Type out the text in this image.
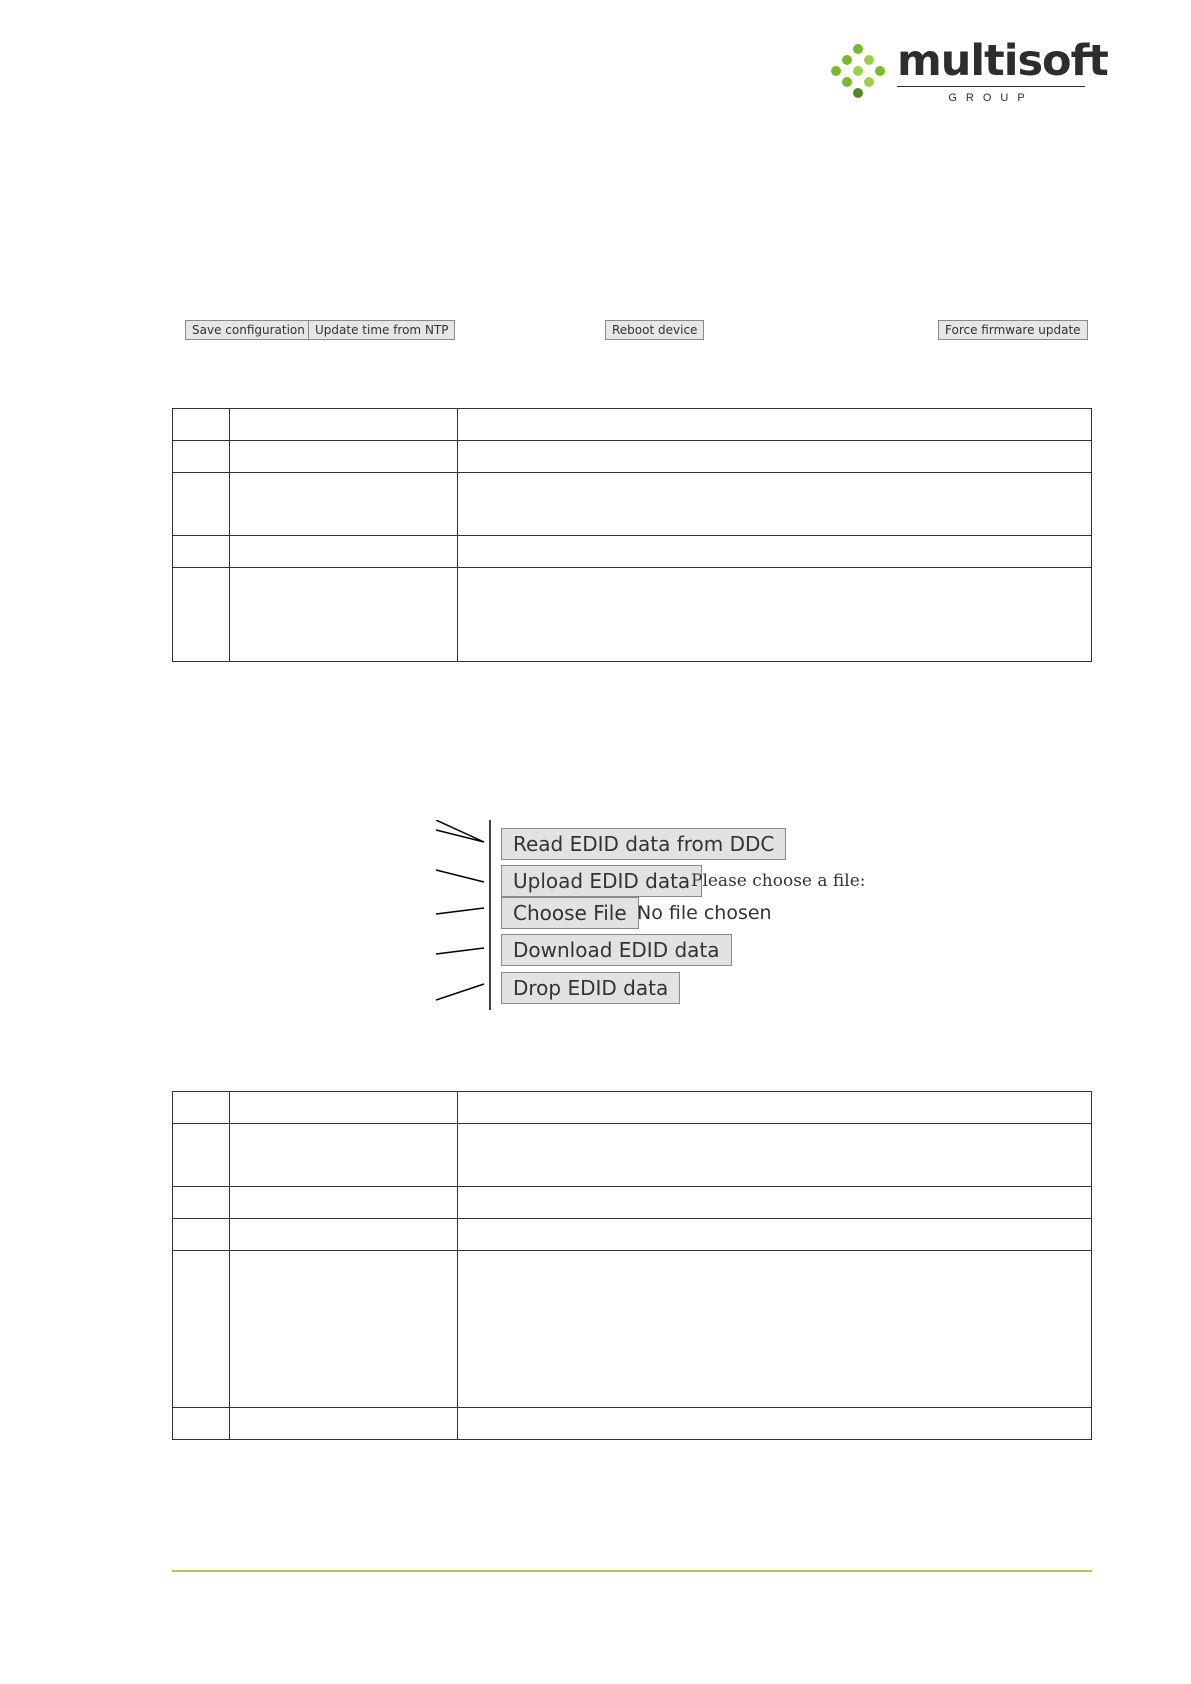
multisoft
GROUP
Save configuration Update time from NTP	Reboot device	Force firmware update

Read EDID data from DDC
Upload EDID data Please choose a file:
Choose File No file chosen
Download EDID data
Drop EDID data
